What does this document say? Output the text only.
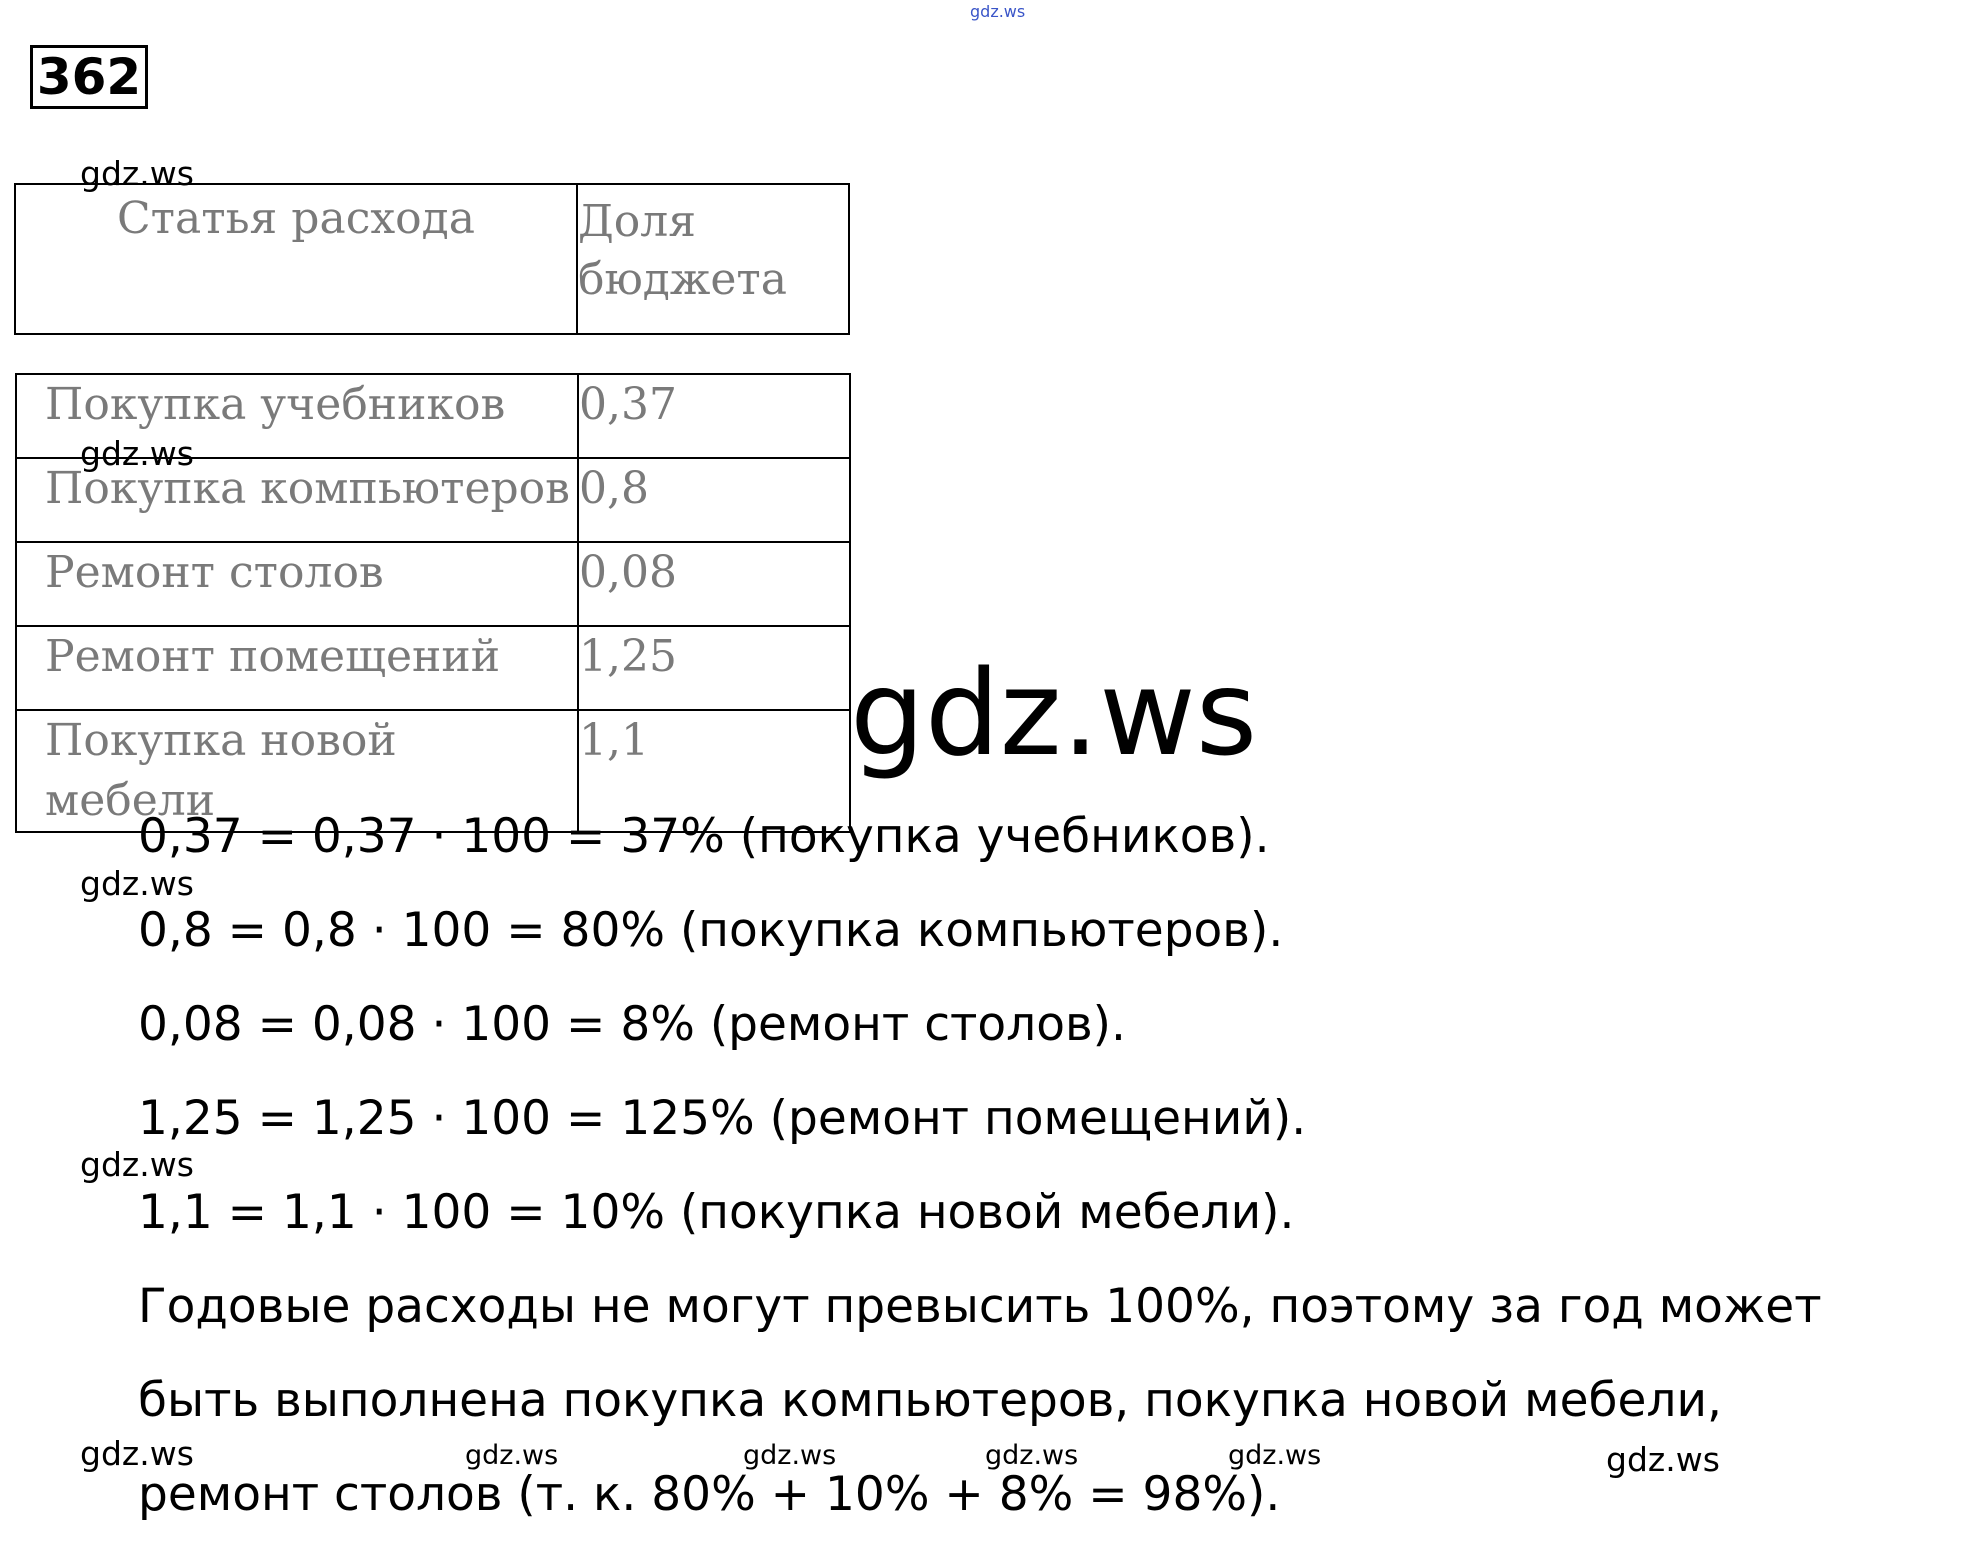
gdz.ws
362
Статья расхода	Доля бюджета
Покупка учебников	0,37
Покупка компьютеров	0,8
Ремонт столов	0,08
Ремонт помещений	1,25
Покупка новой мебели	1,1 gdz.ws
0,37 = 0,37 · 100 = 37% (покупка учебников).
0,8 = 0,8 · 100 = 80% (покупка компьютеров).
0,08 = 0,08 · 100 = 8% (ремонт столов).
1,25 = 1,25 · 100 = 125% (ремонт помещений).
1,1 = 1,1 · 100 = 10% (покупка новой мебели).
Годовые расходы не могут превысить 100%, поэтому за год может
быть выполнена покупка компьютеров, покупка новой мебели,
ремонт столов (т. к. 80% + 10% + 8% = 98%).
gdz.ws
gdz.ws
gdz.ws
gdz.ws
gdz.ws	gdz.ws	gdz.ws	gdz.ws	gdz.ws	gdz.ws
